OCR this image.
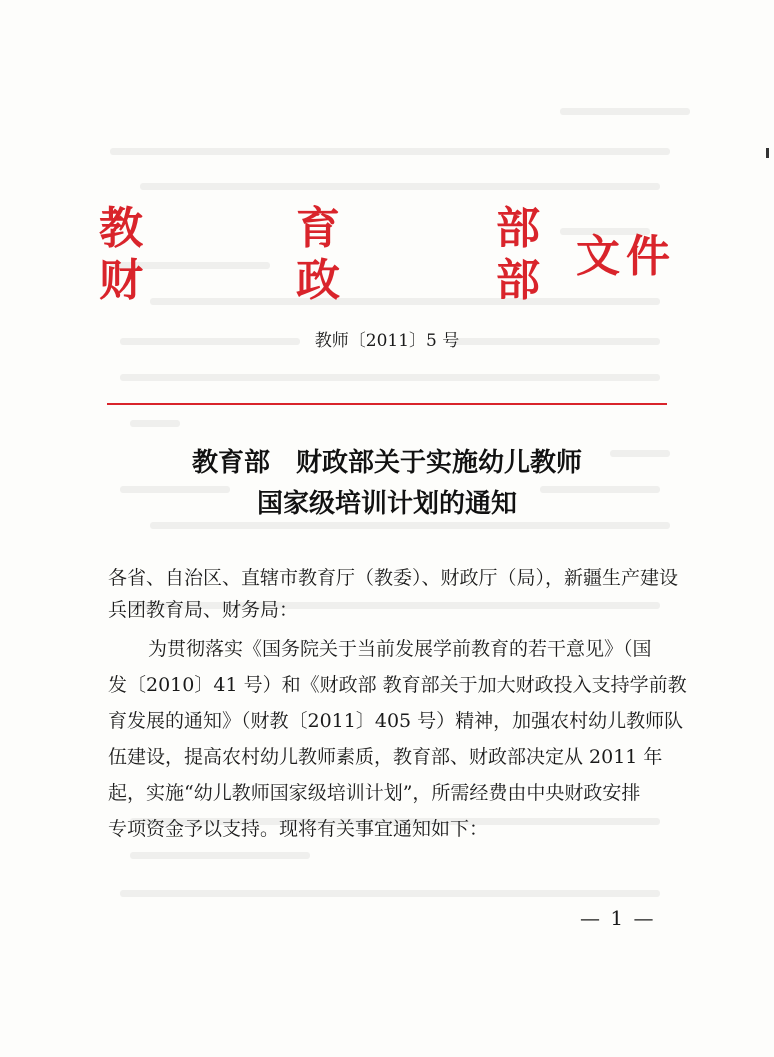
教	育	部
财	政	部 文 件
教师〔2011〕5 号
教育部　财政部关于实施幼儿教师
国家级培训计划的通知
各省、自治区、直辖市教育厅（教委）、财政厅（局），新疆生产建设
兵团教育局、财务局：
为贯彻落实《国务院关于当前发展学前教育的若干意见》（国
发〔2010〕41 号）和《财政部 教育部关于加大财政投入支持学前教
育发展的通知》（财教〔2011〕405 号）精神，加强农村幼儿教师队
伍建设，提高农村幼儿教师素质，教育部、财政部决定从 2011 年
起，实施“幼儿教师国家级培训计划”，所需经费由中央财政安排
专项资金予以支持。现将有关事宜通知如下：
— 1 —
